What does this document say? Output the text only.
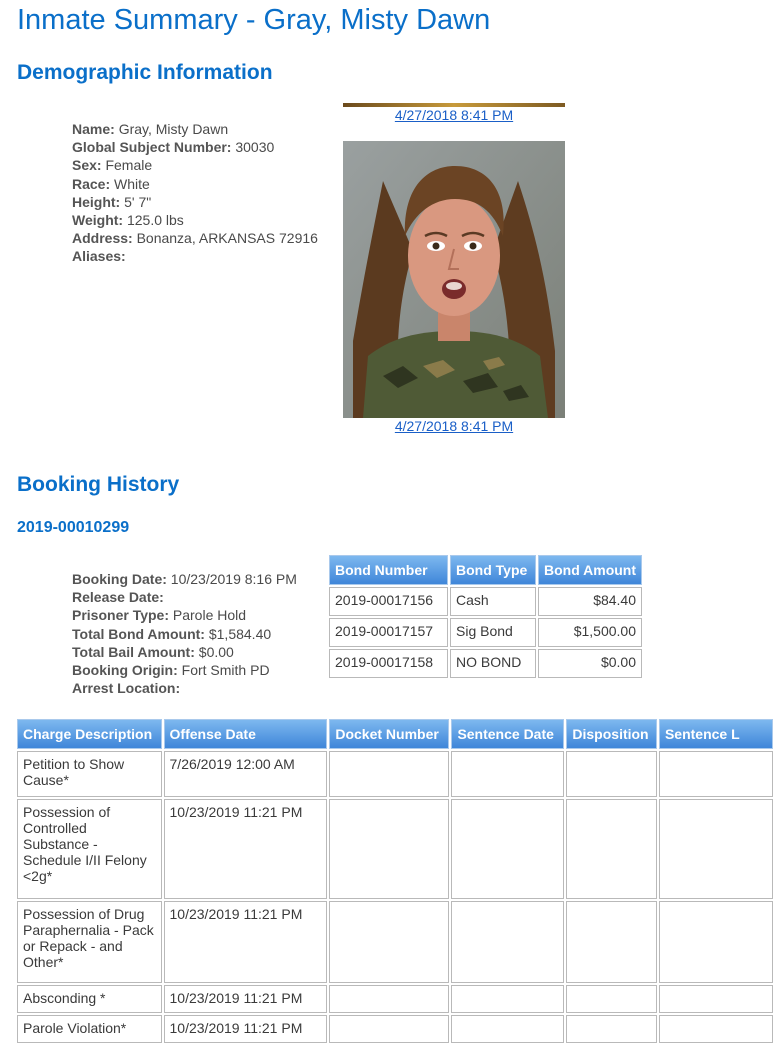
Inmate Summary - Gray, Misty Dawn
Demographic Information
Name: Gray, Misty Dawn
Global Subject Number: 30030
Sex: Female
Race: White
Height: 5' 7"
Weight: 125.0 lbs
Address: Bonanza, ARKANSAS 72916
Aliases:
4/27/2018 8:41 PM
4/27/2018 8:41 PM
Booking History
2019-00010299
Booking Date: 10/23/2019 8:16 PM
Release Date:
Prisoner Type: Parole Hold
Total Bond Amount: $1,584.40
Total Bail Amount: $0.00
Booking Origin: Fort Smith PD
Arrest Location:
Bond Number	Bond Type	Bond Amount
2019-00017156	Cash	$84.40
2019-00017157	Sig Bond	$1,500.00
2019-00017158	NO BOND	$0.00
Charge Description	Offense Date	Docket Number	Sentence Date	Disposition	Sentence L
Petition to Show Cause*	7/26/2019 12:00 AM				
Possession of Controlled Substance - Schedule I/II Felony <2g*	10/23/2019 11:21 PM				
Possession of Drug Paraphernalia - Pack or Repack - and Other*	10/23/2019 11:21 PM				
Absconding *	10/23/2019 11:21 PM				
Parole Violation*	10/23/2019 11:21 PM				
